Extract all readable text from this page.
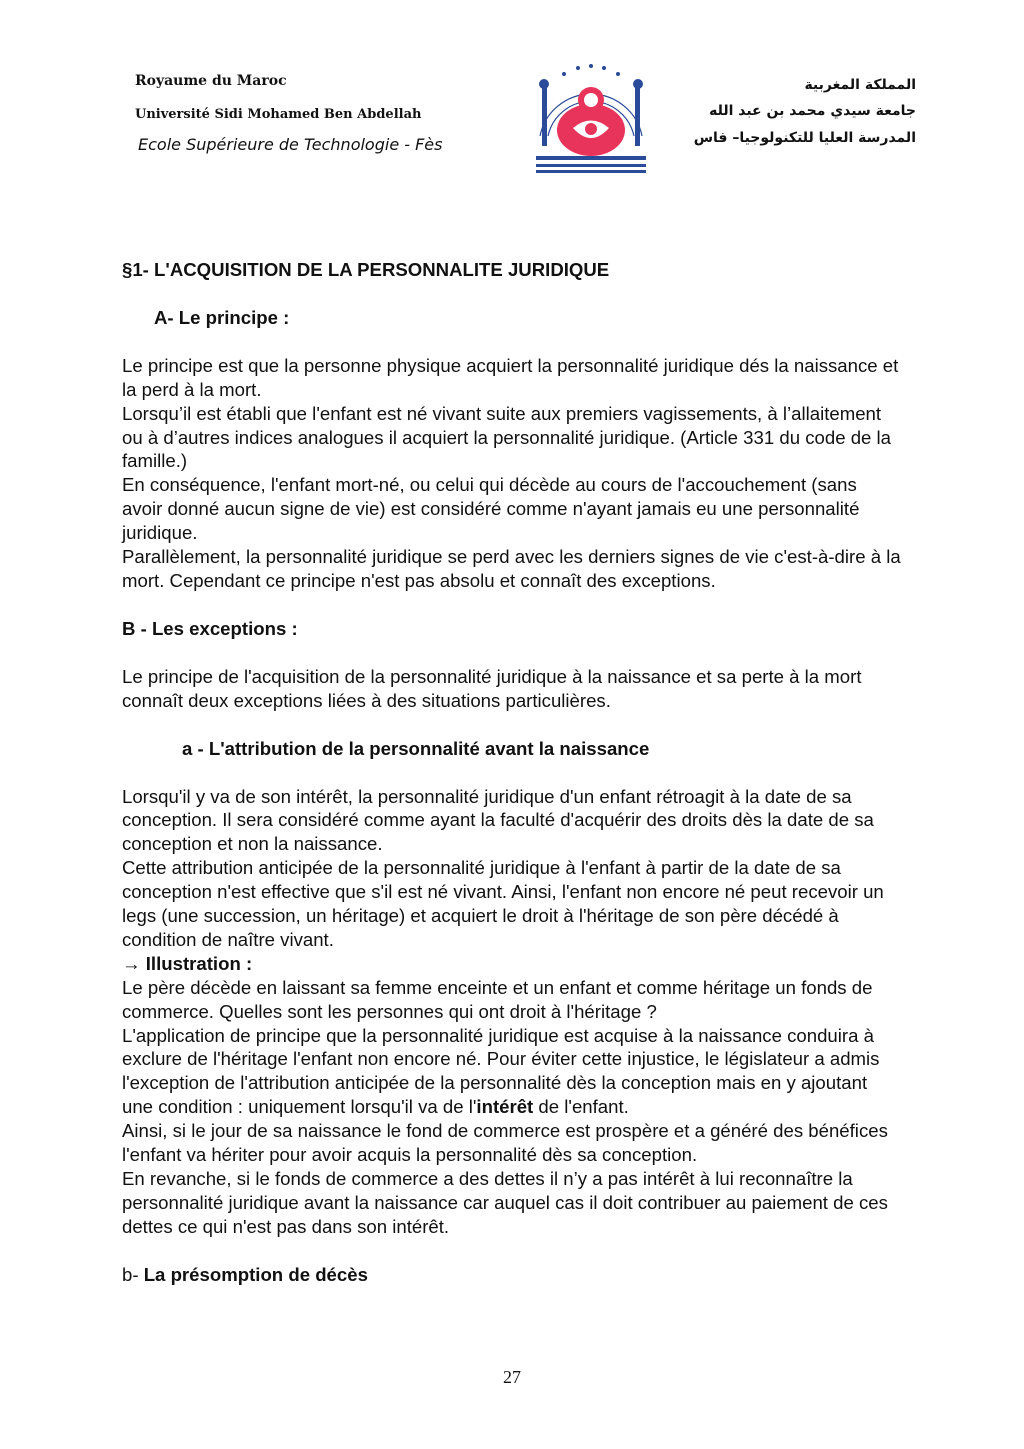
Royaume du Maroc
Université Sidi Mohamed Ben Abdellah
Ecole Supérieure de Technologie - Fès
المملكة المغربية
جامعة سيدي محمد بن عبد الله
المدرسة العليا للتكنولوجيا– فاس

§1- L'ACQUISITION DE LA PERSONNALITE JURIDIQUE

A- Le principe :

Le principe est que la personne physique acquiert la personnalité juridique dés la naissance et la perd à la mort.

Lorsqu’il est établi que l'enfant est né vivant suite aux premiers vagissements, à l’allaitement ou à d’autres indices analogues il acquiert la personnalité juridique. (Article 331 du code de la famille.)

En conséquence, l'enfant mort-né, ou celui qui décède au cours de l'accouchement (sans avoir donné aucun signe de vie) est considéré comme n'ayant jamais eu une personnalité juridique.

Parallèlement, la personnalité juridique se perd avec les derniers signes de vie c'est-à-dire à la mort. Cependant ce principe n'est pas absolu et connaît des exceptions.

B - Les exceptions :

Le principe de l'acquisition de la personnalité juridique à la naissance et sa perte à la mort connaît deux exceptions liées à des situations particulières.

a - L'attribution de la personnalité avant la naissance

Lorsqu'il y va de son intérêt, la personnalité juridique d'un enfant rétroagit à la date de sa conception. Il sera considéré comme ayant la faculté d'acquérir des droits dès la date de sa conception et non la naissance.

Cette attribution anticipée de la personnalité juridique à l'enfant à partir de la date de sa conception n'est effective que s'il est né vivant. Ainsi, l'enfant non encore né peut recevoir un legs (une succession, un héritage) et acquiert le droit à l'héritage de son père décédé à condition de naître vivant.

→ Illustration :

Le père décède en laissant sa femme enceinte et un enfant et comme héritage un fonds de commerce. Quelles sont les personnes qui ont droit à l'héritage ?

L'application de principe que la personnalité juridique est acquise à la naissance conduira à exclure de l'héritage l'enfant non encore né. Pour éviter cette injustice, le législateur a admis l'exception de l'attribution anticipée de la personnalité dès la conception mais en y ajoutant une condition : uniquement lorsqu'il va de l'intérêt de l'enfant.

Ainsi, si le jour de sa naissance le fond de commerce est prospère et a généré des bénéfices l'enfant va hériter pour avoir acquis la personnalité dès sa conception.

En revanche, si le fonds de commerce a des dettes il n’y a pas intérêt à lui reconnaître la personnalité juridique avant la naissance car auquel cas il doit contribuer au paiement de ces dettes ce qui n'est pas dans son intérêt.

b- La présomption de décès

27
